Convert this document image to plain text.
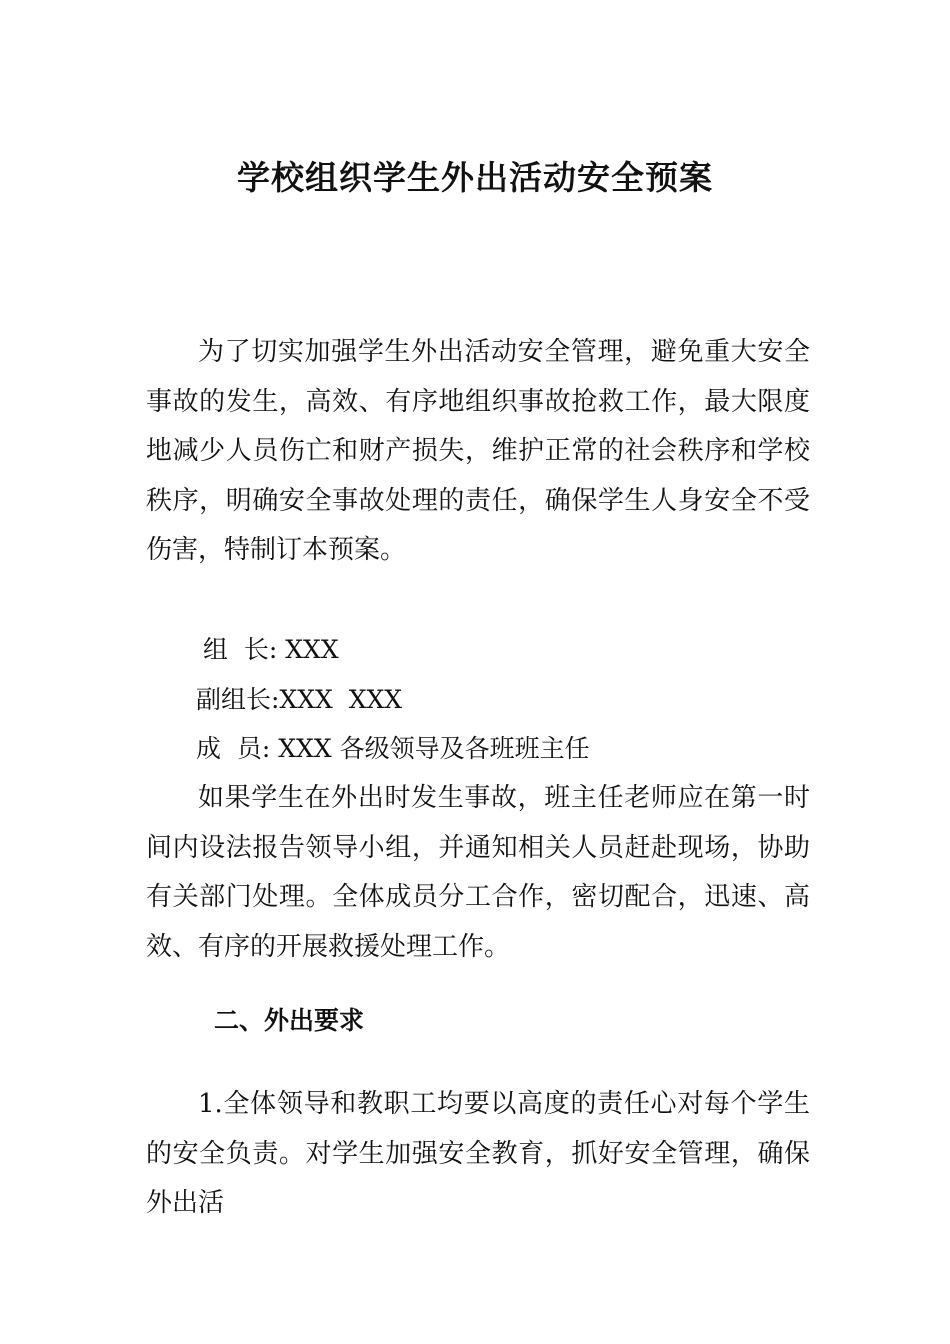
学校组织学生外出活动安全预案

为了切实加强学生外出活动安全管理，避免重大安全事故的发生，高效、有序地组织事故抢救工作，最大限度地减少人员伤亡和财产损失，维护正常的社会秩序和学校秩序，明确安全事故处理的责任，确保学生人身安全不受伤害，特制订本预案。

组  长: XXX
副组长:XXX  XXX
成  员: XXX 各级领导及各班班主任

如果学生在外出时发生事故，班主任老师应在第一时间内设法报告领导小组，并通知相关人员赶赴现场，协助有关部门处理。全体成员分工合作，密切配合，迅速、高效、有序的开展救援处理工作。

二、外出要求

1.全体领导和教职工均要以高度的责任心对每个学生的安全负责。对学生加强安全教育，抓好安全管理，确保外出活
